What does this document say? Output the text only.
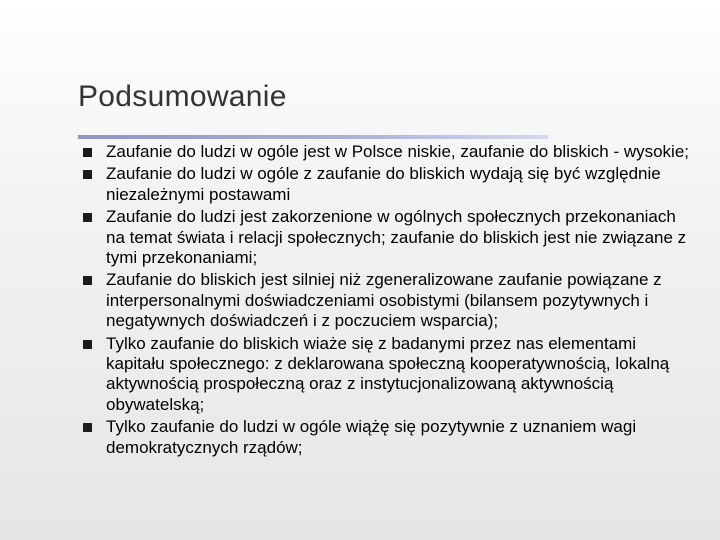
Podsumowanie
Zaufanie do ludzi w ogóle jest w Polsce niskie, zaufanie do bliskich - wysokie;
Zaufanie do ludzi w ogóle z zaufanie do bliskich wydają się być względnie niezależnymi postawami
Zaufanie do ludzi jest zakorzenione w ogólnych społecznych przekonaniach na temat świata i relacji społecznych; zaufanie do bliskich jest nie związane z tymi przekonaniami;
Zaufanie do bliskich jest silniej niż zgeneralizowane zaufanie powiązane z interpersonalnymi doświadczeniami osobistymi (bilansem pozytywnych i negatywnych doświadczeń i z poczuciem wsparcia);
Tylko zaufanie do bliskich wiaże się z badanymi przez nas elementami kapitału społecznego: z deklarowana społeczną kooperatywnością, lokalną aktywnością prospołeczną oraz z instytucjonalizowaną aktywnością obywatelską;
Tylko zaufanie do ludzi w ogóle wiążę się pozytywnie z uznaniem wagi demokratycznych rządów;
